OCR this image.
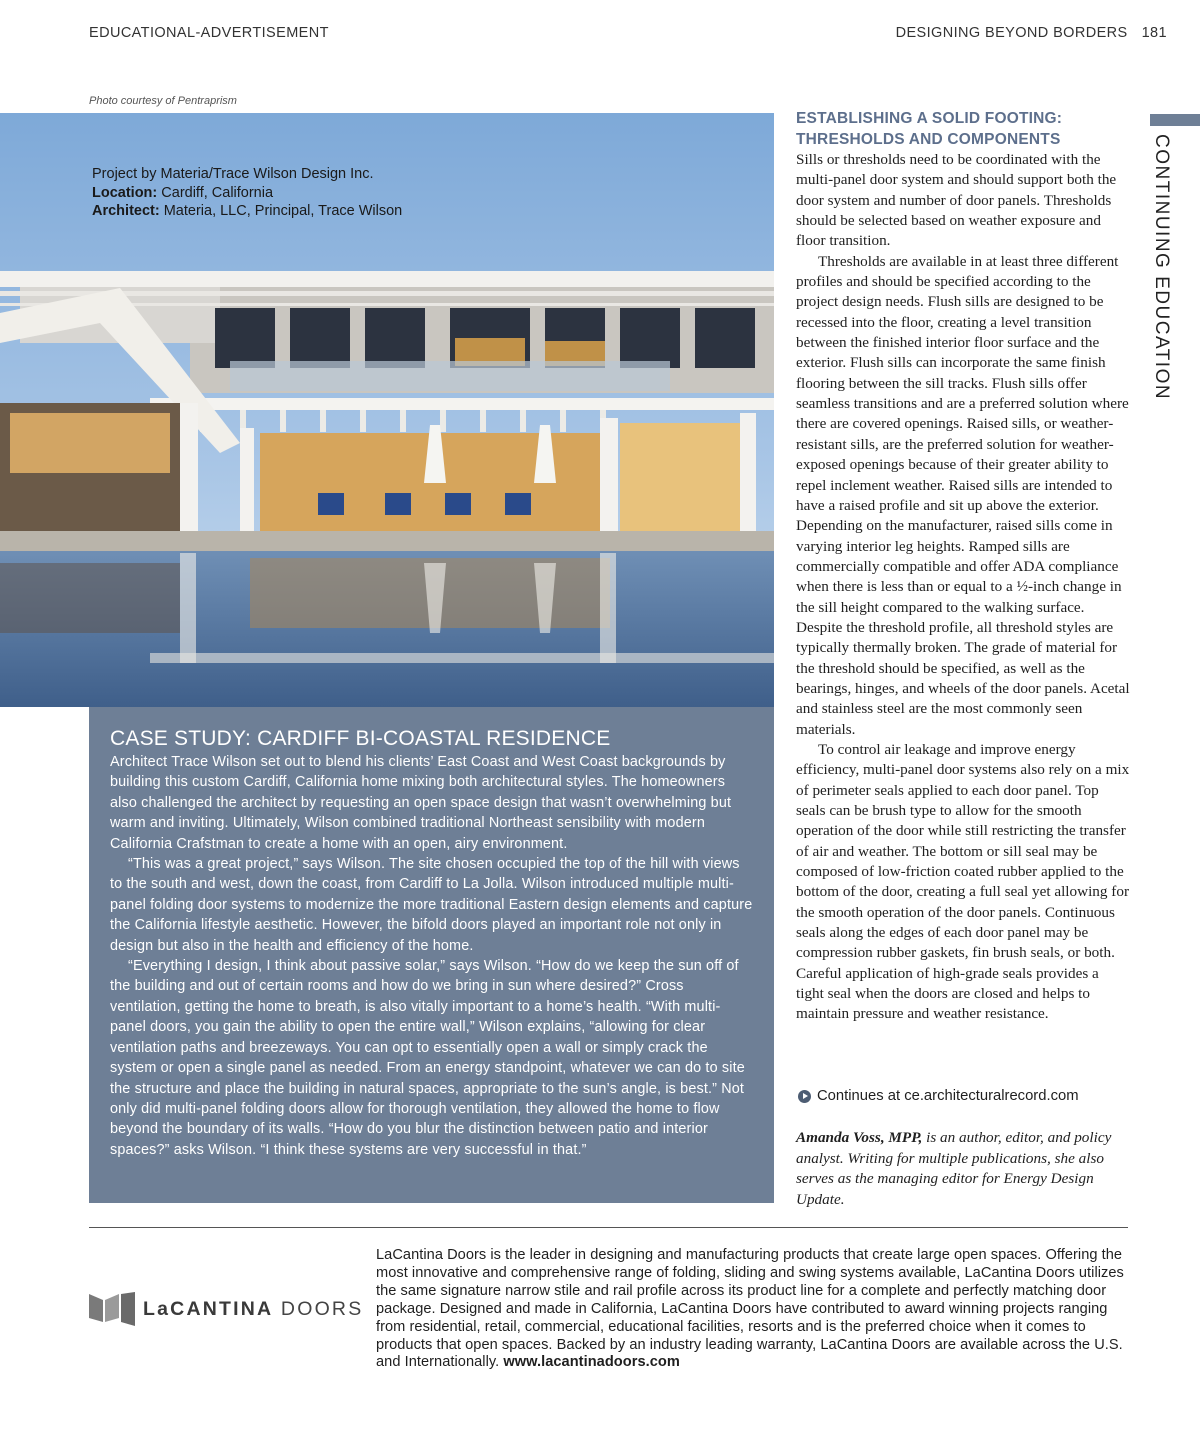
EDUCATIONAL-ADVERTISEMENT	DESIGNING BEYOND BORDERS 181
Photo courtesy of Pentraprism
Project by Materia/Trace Wilson Design Inc.
Location: Cardiff, California
Architect: Materia, LLC, Principal, Trace Wilson
CASE STUDY: CARDIFF BI-COASTAL RESIDENCE

Architect Trace Wilson set out to blend his clients’ East Coast and West Coast backgrounds by building this custom Cardiff, California home mixing both architectural styles. The homeowners also challenged the architect by requesting an open space design that wasn’t overwhelming but warm and inviting. Ultimately, Wilson combined traditional Northeast sensibility with modern California Crafstman to create a home with an open, airy environment.

“This was a great project,” says Wilson. The site chosen occupied the top of the hill with views to the south and west, down the coast, from Cardiff to La Jolla. Wilson introduced multiple multi-panel folding door systems to modernize the more traditional Eastern design elements and capture the California lifestyle aesthetic. However, the bifold doors played an important role not only in design but also in the health and efficiency of the home.

“Everything I design, I think about passive solar,” says Wilson. “How do we keep the sun off of the building and out of certain rooms and how do we bring in sun where desired?” Cross ventilation, getting the home to breath, is also vitally important to a home’s health. “With multi-panel doors, you gain the ability to open the entire wall,” Wilson explains, “allowing for clear ventilation paths and breezeways. You can opt to essentially open a wall or simply crack the system or open a single panel as needed. From an energy standpoint, whatever we can do to site the structure and place the building in natural spaces, appropriate to the sun’s angle, is best.” Not only did multi-panel folding doors allow for thorough ventilation, they allowed the home to flow beyond the boundary of its walls. “How do you blur the distinction between patio and interior spaces?” asks Wilson. “I think these systems are very successful in that.”

ESTABLISHING A SOLID FOOTING:
THRESHOLDS AND COMPONENTS

Sills or thresholds need to be coordinated with the multi-panel door system and should support both the door system and number of door panels. Thresholds should be selected based on weather exposure and floor transition.

Thresholds are available in at least three different profiles and should be specified according to the project design needs. Flush sills are designed to be recessed into the floor, creating a level transition between the finished interior floor surface and the exterior. Flush sills can incorporate the same finish flooring between the sill tracks. Flush sills offer seamless transitions and are a preferred solution where there are covered openings. Raised sills, or weather-resistant sills, are the preferred solution for weather-exposed openings because of their greater ability to repel inclement weather. Raised sills are intended to have a raised profile and sit up above the exterior. Depending on the manufacturer, raised sills come in varying interior leg heights. Ramped sills are commercially compatible and offer ADA compliance when there is less than or equal to a ½-inch change in the sill height compared to the walking surface. Despite the threshold profile, all threshold styles are typically thermally broken. The grade of material for the threshold should be specified, as well as the bearings, hinges, and wheels of the door panels. Acetal and stainless steel are the most commonly seen materials.

To control air leakage and improve energy efficiency, multi-panel door systems also rely on a mix of perimeter seals applied to each door panel. Top seals can be brush type to allow for the smooth operation of the door while still restricting the transfer of air and weather. The bottom or sill seal may be composed of low-friction coated rubber applied to the bottom of the door, creating a full seal yet allowing for the smooth operation of the door panels. Continuous seals along the edges of each door panel may be compression rubber gaskets, fin brush seals, or both. Careful application of high-grade seals provides a tight seal when the doors are closed and helps to maintain pressure and weather resistance.

Continues at ce.architecturalrecord.com
Amanda Voss, MPP, is an author, editor, and policy analyst. Writing for multiple publications, she also serves as the managing editor for Energy Design Update.
CONTINUING EDUCATION
LaCANTINA DOORS
LaCantina Doors is the leader in designing and manufacturing products that create large open spaces. Offering the most innovative and comprehensive range of folding, sliding and swing systems available, LaCantina Doors utilizes the same signature narrow stile and rail profile across its product line for a complete and perfectly matching door package. Designed and made in California, LaCantina Doors have contributed to award winning projects ranging from residential, retail, commercial, educational facilities, resorts and is the preferred choice when it comes to products that open spaces. Backed by an industry leading warranty, LaCantina Doors are available across the U.S. and Internationally. www.lacantinadoors.com
